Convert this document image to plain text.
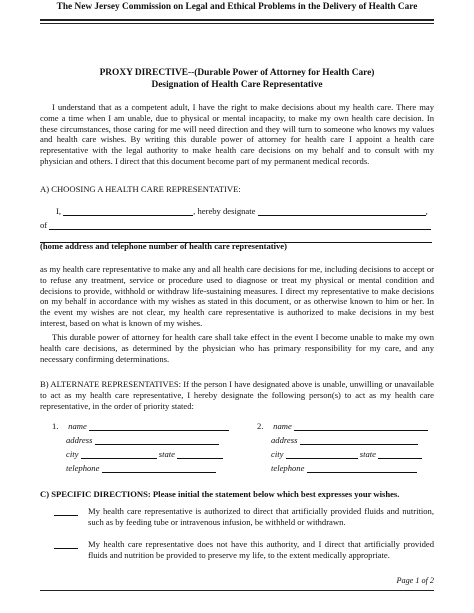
The New Jersey Commission on Legal and Ethical Problems in the Delivery of Health Care
PROXY DIRECTIVE--(Durable Power of Attorney for Health Care)
Designation of Health Care Representative

I understand that as a competent adult, I have the right to make decisions about my health care. There may come a time when I am unable, due to physical or mental incapacity, to make my own health care decision. In these circumstances, those caring for me will need direction and they will turn to someone who knows my values and health care wishes. By writing this durable power of attorney for health care I appoint a health care representative with the legal authority to make health care decisions on my behalf and to consult with my physician and others. I direct that this document become part of my permanent medical records.

A) CHOOSING A HEALTH CARE REPRESENTATIVE:
I,	, hereby designate	,
of
(home address and telephone number of health care representative)

as my health care representative to make any and all health care decisions for me, including decisions to accept or to refuse any treatment, service or procedure used to diagnose or treat my physical or mental condition and decisions to provide, withhold or withdraw life-sustaining measures. I direct my representative to make decisions on my behalf in accordance with my wishes as stated in this document, or as otherwise known to him or her. In the event my wishes are not clear, my health care representative is authorized to make decisions in my best interest, based on what is known of my wishes.

This durable power of attorney for health care shall take effect in the event I become unable to make my own health care decisions, as determined by the physician who has primary responsibility for my care, and any necessary confirming determinations.

B) ALTERNATE REPRESENTATIVES: If the person I have designated above is unable, unwilling or unavailable to act as my health care representative, I hereby designate the following person(s) to act as my health care representative, in the order of priority stated:

1. name
address
city	state
telephone
2. name
address
city	state
telephone
C) SPECIFIC DIRECTIONS: Please initial the statement below which best expresses your wishes.
My health care representative is authorized to direct that artificially provided fluids and nutrition, such as by feeding tube or intravenous infusion, be withheld or withdrawn.
My health care representative does not have this authority, and I direct that artificially provided fluids and nutrition be provided to preserve my life, to the extent medically appropriate.
Page 1 of 2
